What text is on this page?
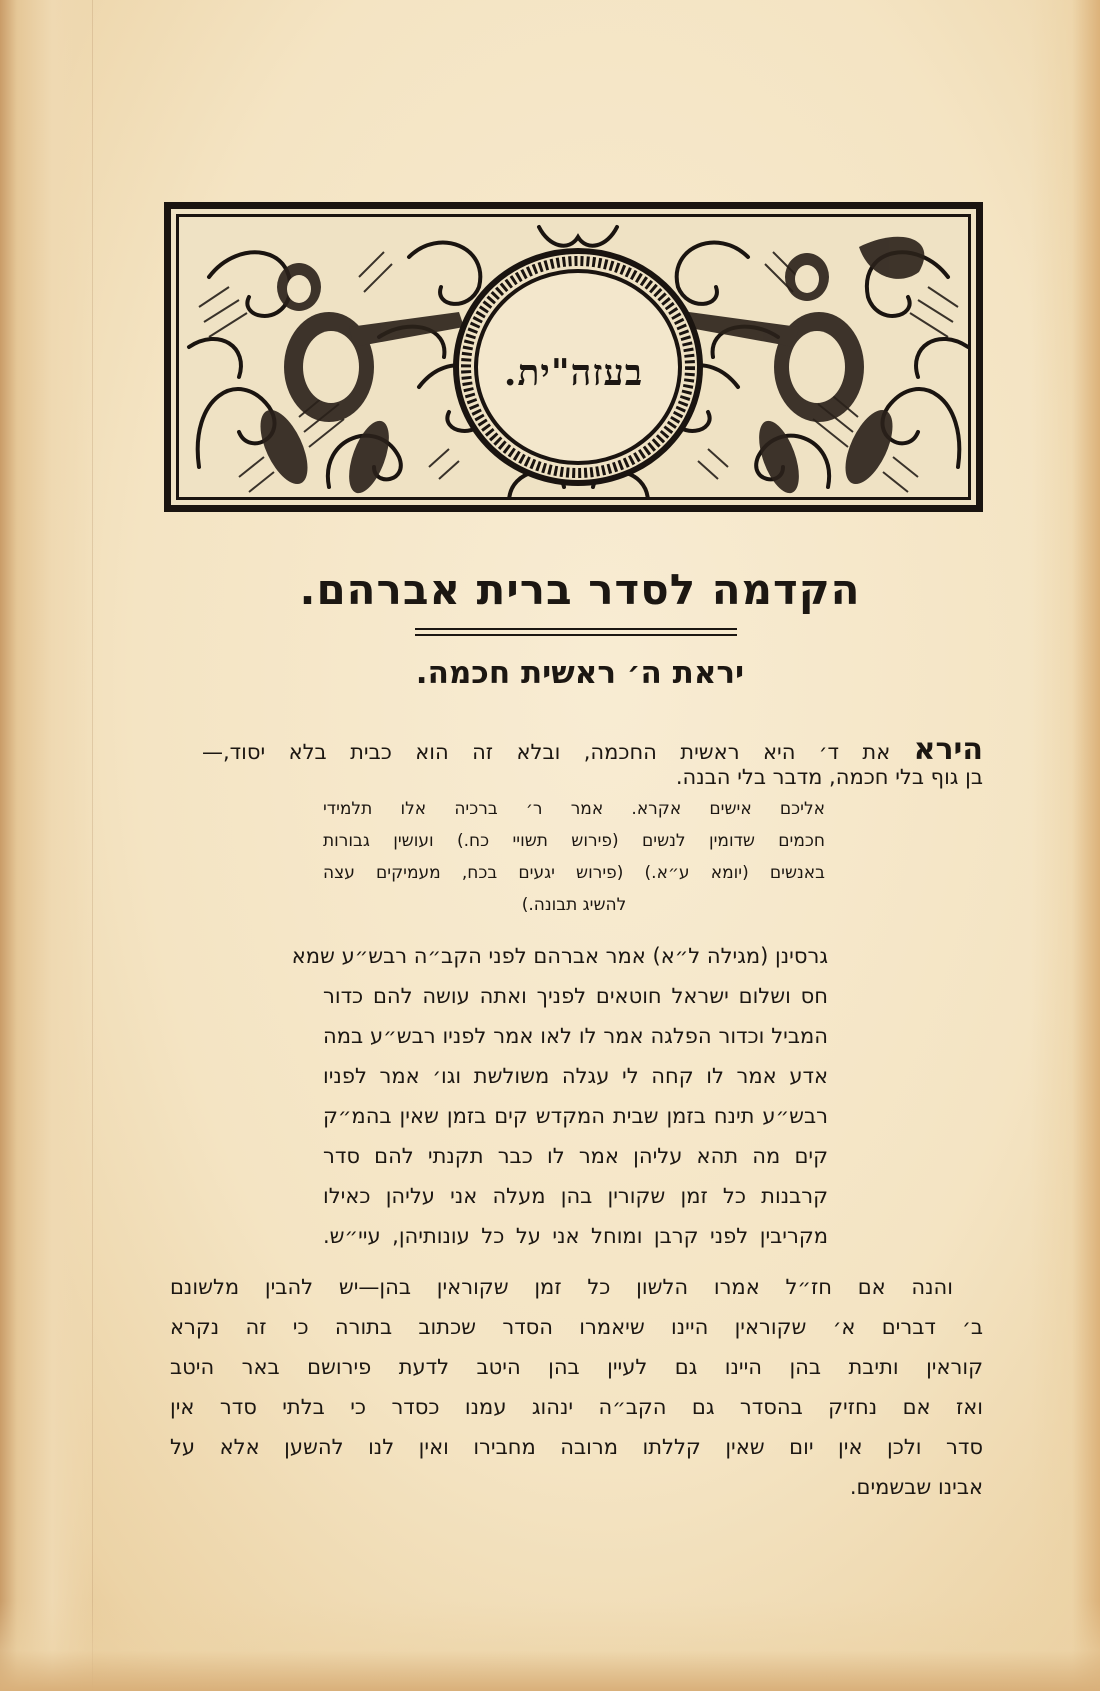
בעזה"ית.
הקדמה לסדר ברית אברהם.
יראת ה׳ ראשית חכמה.
הירא את ד׳ היא ראשית החכמה, ובלא זה הוא כבית בלא יסוד,—
בן גוף בלי חכמה, מדבר בלי הבנה.
אליכם אישים אקרא. אמר ר׳ ברכיה אלו תלמידי
חכמים שדומין לנשים (פירוש תשויי כח.) ועושין גבורות
באנשים (יומא ע״א.) (פירוש יגעים בכח, מעמיקים עצה
להשיג תבונה.)
גרסינן (מגילה ל״א) אמר אברהם לפני הקב״ה רבש״ע שמא
חס ושלום ישראל חוטאים לפניך ואתה עושה להם כדור
המביל וכדור הפלגה אמר לו לאו אמר לפניו רבש״ע במה
אדע אמר לו קחה לי עגלה משולשת וגו׳ אמר לפניו
רבש״ע תינח בזמן שבית המקדש קים בזמן שאין בהמ״ק
קים מה תהא עליהן אמר לו כבר תקנתי להם סדר
קרבנות כל זמן שקורין בהן מעלה אני עליהן כאילו
מקריבין לפני קרבן ומוחל אני על כל עונותיהן, עיי״ש.
והנה אם חז״ל אמרו הלשון כל זמן שקוראין בהן—יש להבין מלשונם
ב׳ דברים א׳ שקוראין היינו שיאמרו הסדר שכתוב בתורה כי זה נקרא
קוראין ותיבת בהן היינו גם לעיין בהן היטב לדעת פירושם באר היטב
ואז אם נחזיק בהסדר גם הקב״ה ינהוג עמנו כסדר כי בלתי סדר אין
סדר ולכן אין יום שאין קללתו מרובה מחבירו ואין לנו להשען אלא על
אבינו שבשמים.
